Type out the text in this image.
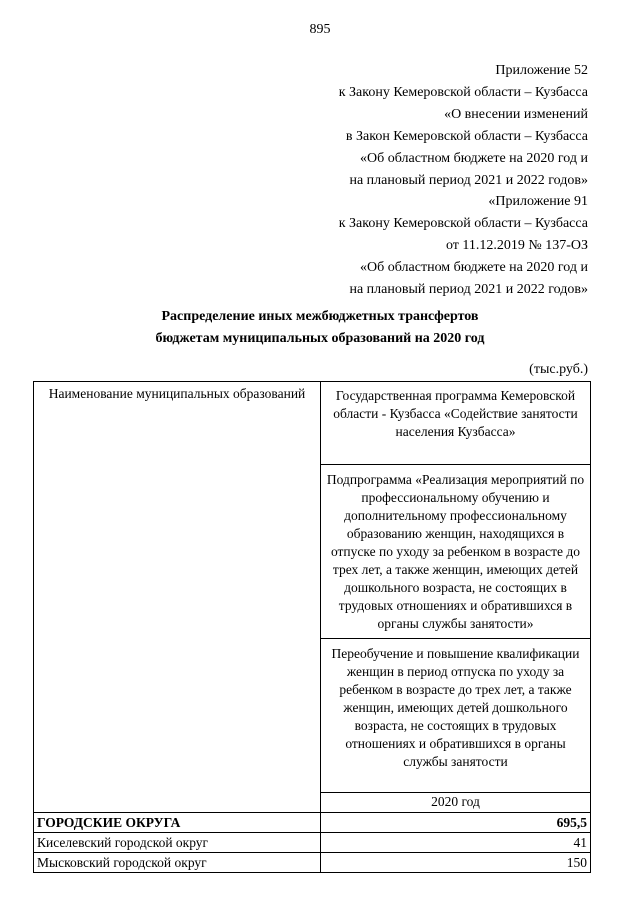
895
Приложение 52
к Закону Кемеровской области – Кузбасса
«О внесении изменений
в Закон Кемеровской области – Кузбасса
«Об областном бюджете на 2020 год и
на плановый период 2021 и 2022 годов»
«Приложение 91
к Закону Кемеровской области – Кузбасса
от 11.12.2019 № 137-ОЗ
«Об областном бюджете на 2020 год и
на плановый период 2021 и 2022 годов»
Распределение иных межбюджетных трансфертов
бюджетам муниципальных образований на 2020 год
(тыс.руб.)
Наименование муниципальных образований	Государственная программа Кемеровской области - Кузбасса «Содействие занятости населения Кузбасса»
	Подпрограмма «Реализация мероприятий по профессиональному обучению и дополнительному профессиональному образованию женщин, находящихся в отпуске по уходу за ребенком в возрасте до трех лет, а также женщин, имеющих детей дошкольного возраста, не состоящих в трудовых отношениях и обратившихся в органы службы занятости»
	Переобучение и повышение квалификации женщин в период отпуска по уходу за ребенком в возрасте до трех лет, а также женщин, имеющих детей дошкольного возраста, не состоящих в трудовых отношениях и обратившихся в органы службы занятости
	2020 год
ГОРОДСКИЕ ОКРУГА	695,5
Киселевский городской округ	41
Мысковский городской округ	150
